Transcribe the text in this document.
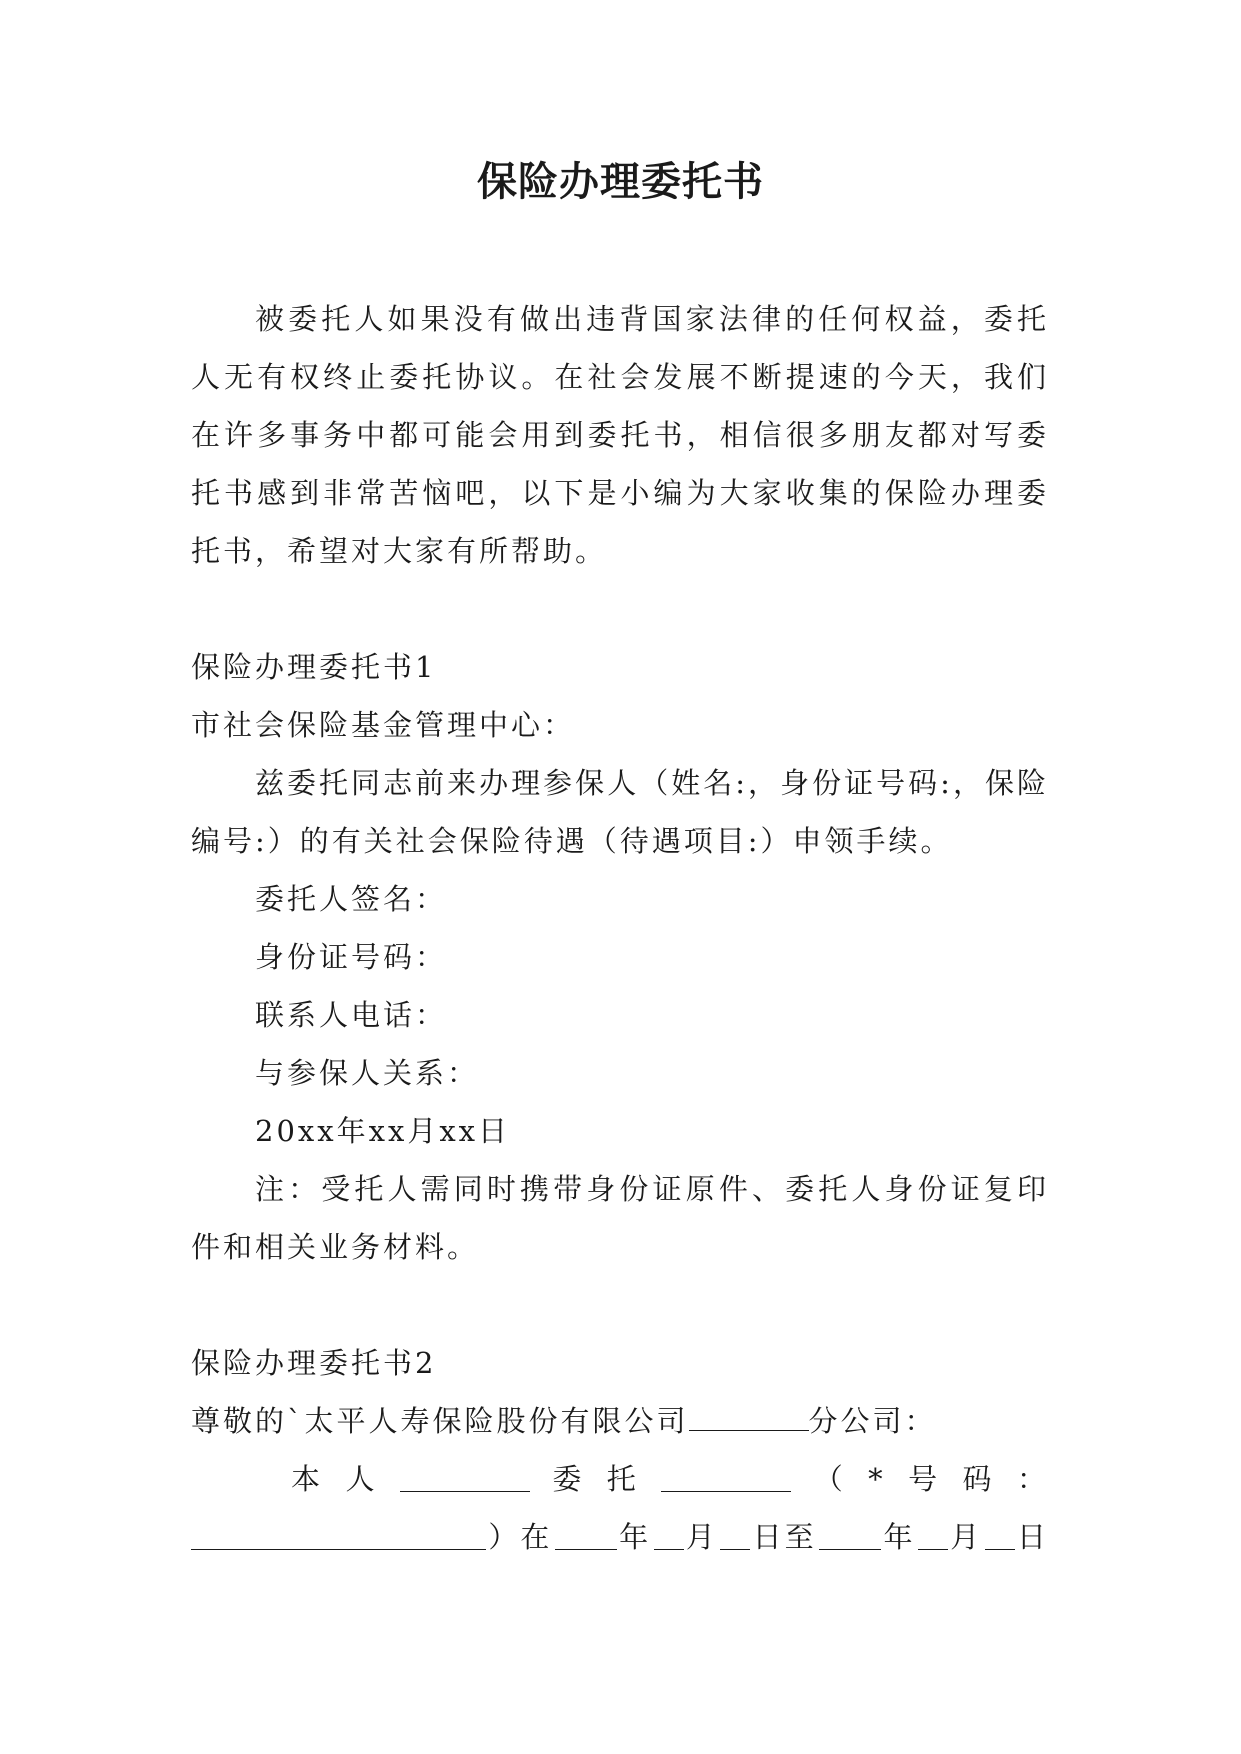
保险办理委托书

被委托人如果没有做出违背国家法律的任何权益，委托人无有权终止委托协议。在社会发展不断提速的今天，我们在许多事务中都可能会用到委托书，相信很多朋友都对写委托书感到非常苦恼吧，以下是小编为大家收集的保险办理委托书，希望对大家有所帮助。

保险办理委托书1

市社会保险基金管理中心：

兹委托同志前来办理参保人（姓名:，身份证号码:，保险编号:）的有关社会保险待遇（待遇项目:）申领手续。

委托人签名：

身份证号码：

联系人电话：

与参保人关系：

20xx年xx月xx日

注：受托人需同时携带身份证原件、委托人身份证复印件和相关业务材料。

保险办理委托书2

尊敬的`太平人寿保险股份有限公司	分公司：

本 人	委 托	（ * 号 码 ：
）在 年 月 日至 年 月 日
